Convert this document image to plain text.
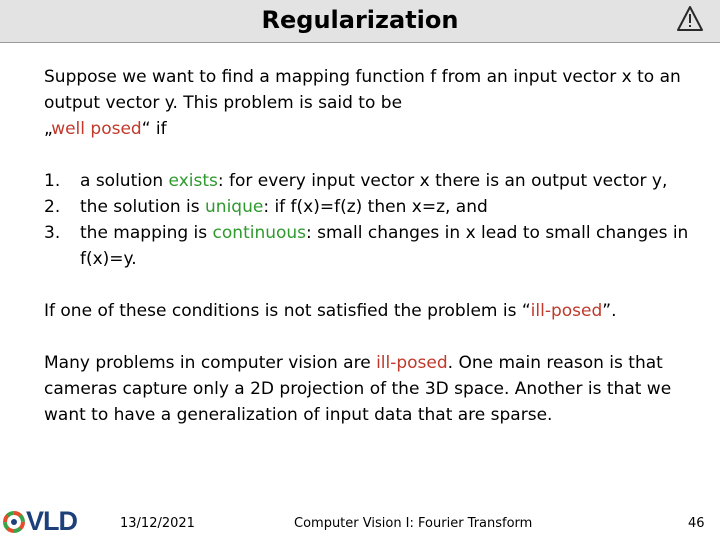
Regularization

Suppose we want to find a mapping function f from an input vector x to an output vector y. This problem is said to be
„well posed“ if

1. a solution exists: for every input vector x there is an output vector y,
2. the solution is unique: if f(x)=f(z) then x=z, and
3. the mapping is continuous: small changes in x lead to small changes in f(x)=y.

If one of these conditions is not satisfied the problem is “ill-posed”.

Many problems in computer vision are ill-posed. One main reason is that cameras capture only a 2D projection of the 3D space. Another is that we want to have a generalization of input data that are sparse.

VLD	13/12/2021	Computer Vision I: Fourier Transform	46
